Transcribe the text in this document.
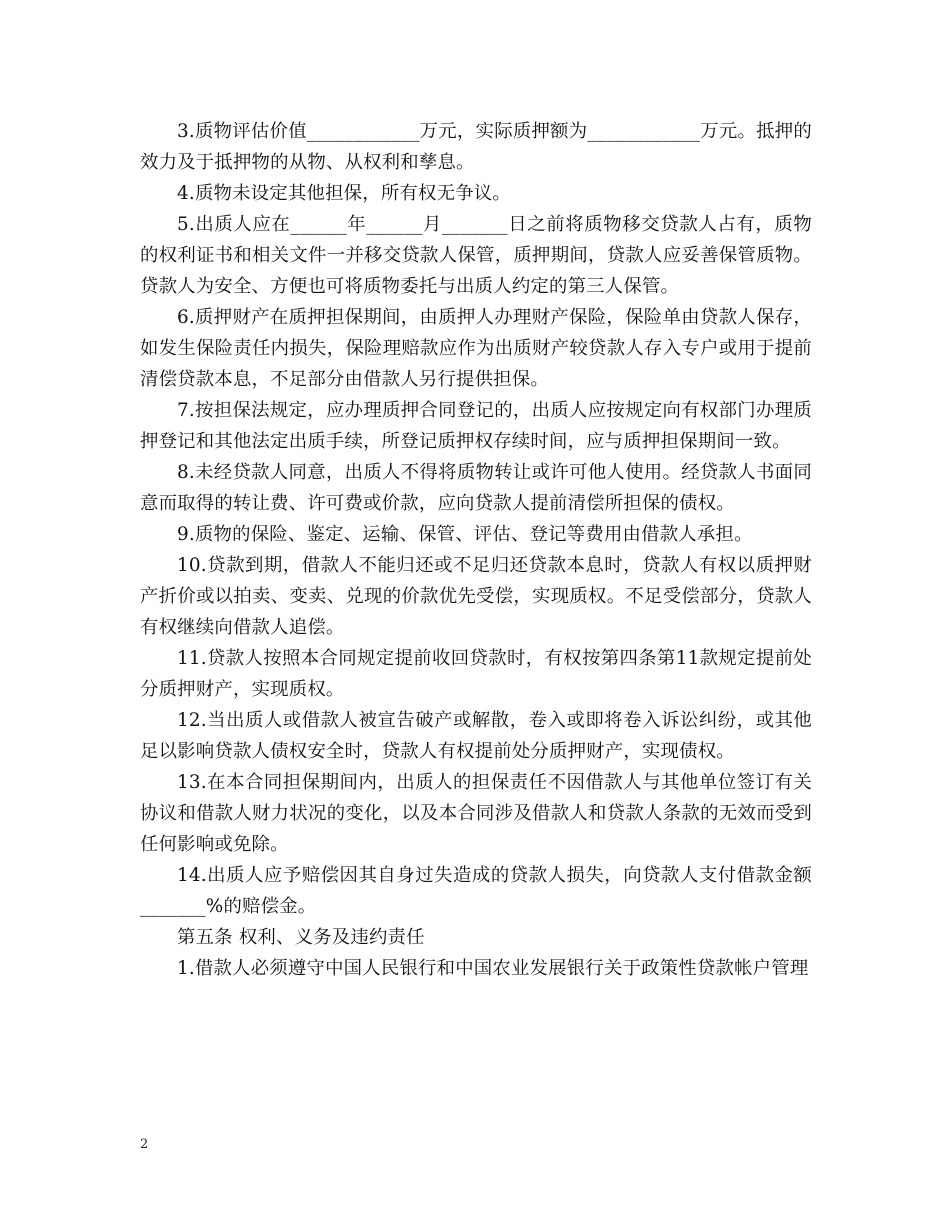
3.质物评估价值____________万元，实际质押额为____________万元。抵押的效力及于抵押物的从物、从权利和孳息。

4.质物未设定其他担保，所有权无争议。

5.出质人应在______年______月_______日之前将质物移交贷款人占有，质物的权利证书和相关文件一并移交贷款人保管，质押期间，贷款人应妥善保管质物。贷款人为安全、方便也可将质物委托与出质人约定的第三人保管。

6.质押财产在质押担保期间，由质押人办理财产保险，保险单由贷款人保存，如发生保险责任内损失，保险理赔款应作为出质财产较贷款人存入专户或用于提前清偿贷款本息，不足部分由借款人另行提供担保。

7.按担保法规定，应办理质押合同登记的，出质人应按规定向有权部门办理质押登记和其他法定出质手续，所登记质押权存续时间，应与质押担保期间一致。

8.未经贷款人同意，出质人不得将质物转让或许可他人使用。经贷款人书面同意而取得的转让费、许可费或价款，应向贷款人提前清偿所担保的债权。

9.质物的保险、鉴定、运输、保管、评估、登记等费用由借款人承担。

10.贷款到期，借款人不能归还或不足归还贷款本息时，贷款人有权以质押财产折价或以拍卖、变卖、兑现的价款优先受偿，实现质权。不足受偿部分，贷款人有权继续向借款人追偿。

11.贷款人按照本合同规定提前收回贷款时，有权按第四条第11款规定提前处分质押财产，实现质权。

12.当出质人或借款人被宣告破产或解散，卷入或即将卷入诉讼纠纷，或其他足以影响贷款人债权安全时，贷款人有权提前处分质押财产，实现债权。

13.在本合同担保期间内，出质人的担保责任不因借款人与其他单位签订有关协议和借款人财力状况的变化，以及本合同涉及借款人和贷款人条款的无效而受到任何影响或免除。

14.出质人应予赔偿因其自身过失造成的贷款人损失，向贷款人支付借款金额_______%的赔偿金。

第五条 权利、义务及违约责任

1.借款人必须遵守中国人民银行和中国农业发展银行关于政策性贷款帐户管理

2
